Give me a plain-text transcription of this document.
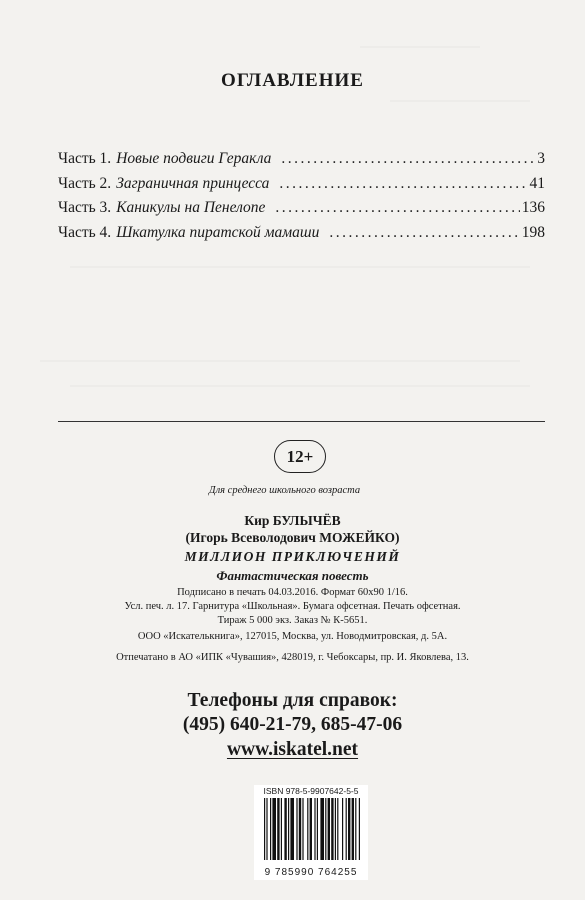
ОГЛАВЛЕНИЕ
Часть 1. Новые подвиги Геракла .....	3
Часть 2. Заграничная принцесса .....	41
Часть 3. Каникулы на Пенелопе .....	136
Часть 4. Шкатулка пиратской мамаши .....	198
12+
Для среднего школьного возраста
Кир БУЛЫЧЁВ
(Игорь Всеволодович МОЖЕЙКО)
МИЛЛИОН ПРИКЛЮЧЕНИЙ
Фантастическая повесть
Подписано в печать 04.03.2016. Формат 60x90 1/16.
Усл. печ. л. 17. Гарнитура «Школьная». Бумага офсетная. Печать офсетная.
Тираж 5 000 экз. Заказ № К-5651.
ООО «Искателькнига», 127015, Москва, ул. Новодмитровская, д. 5А.
Отпечатано в АО «ИПК «Чувашия», 428019, г. Чебоксары, пр. И. Яковлева, 13.
Телефоны для справок:
(495) 640-21-79, 685-47-06
www.iskatel.net
ISBN 978-5-9907642-5-5
9 785990 764255
